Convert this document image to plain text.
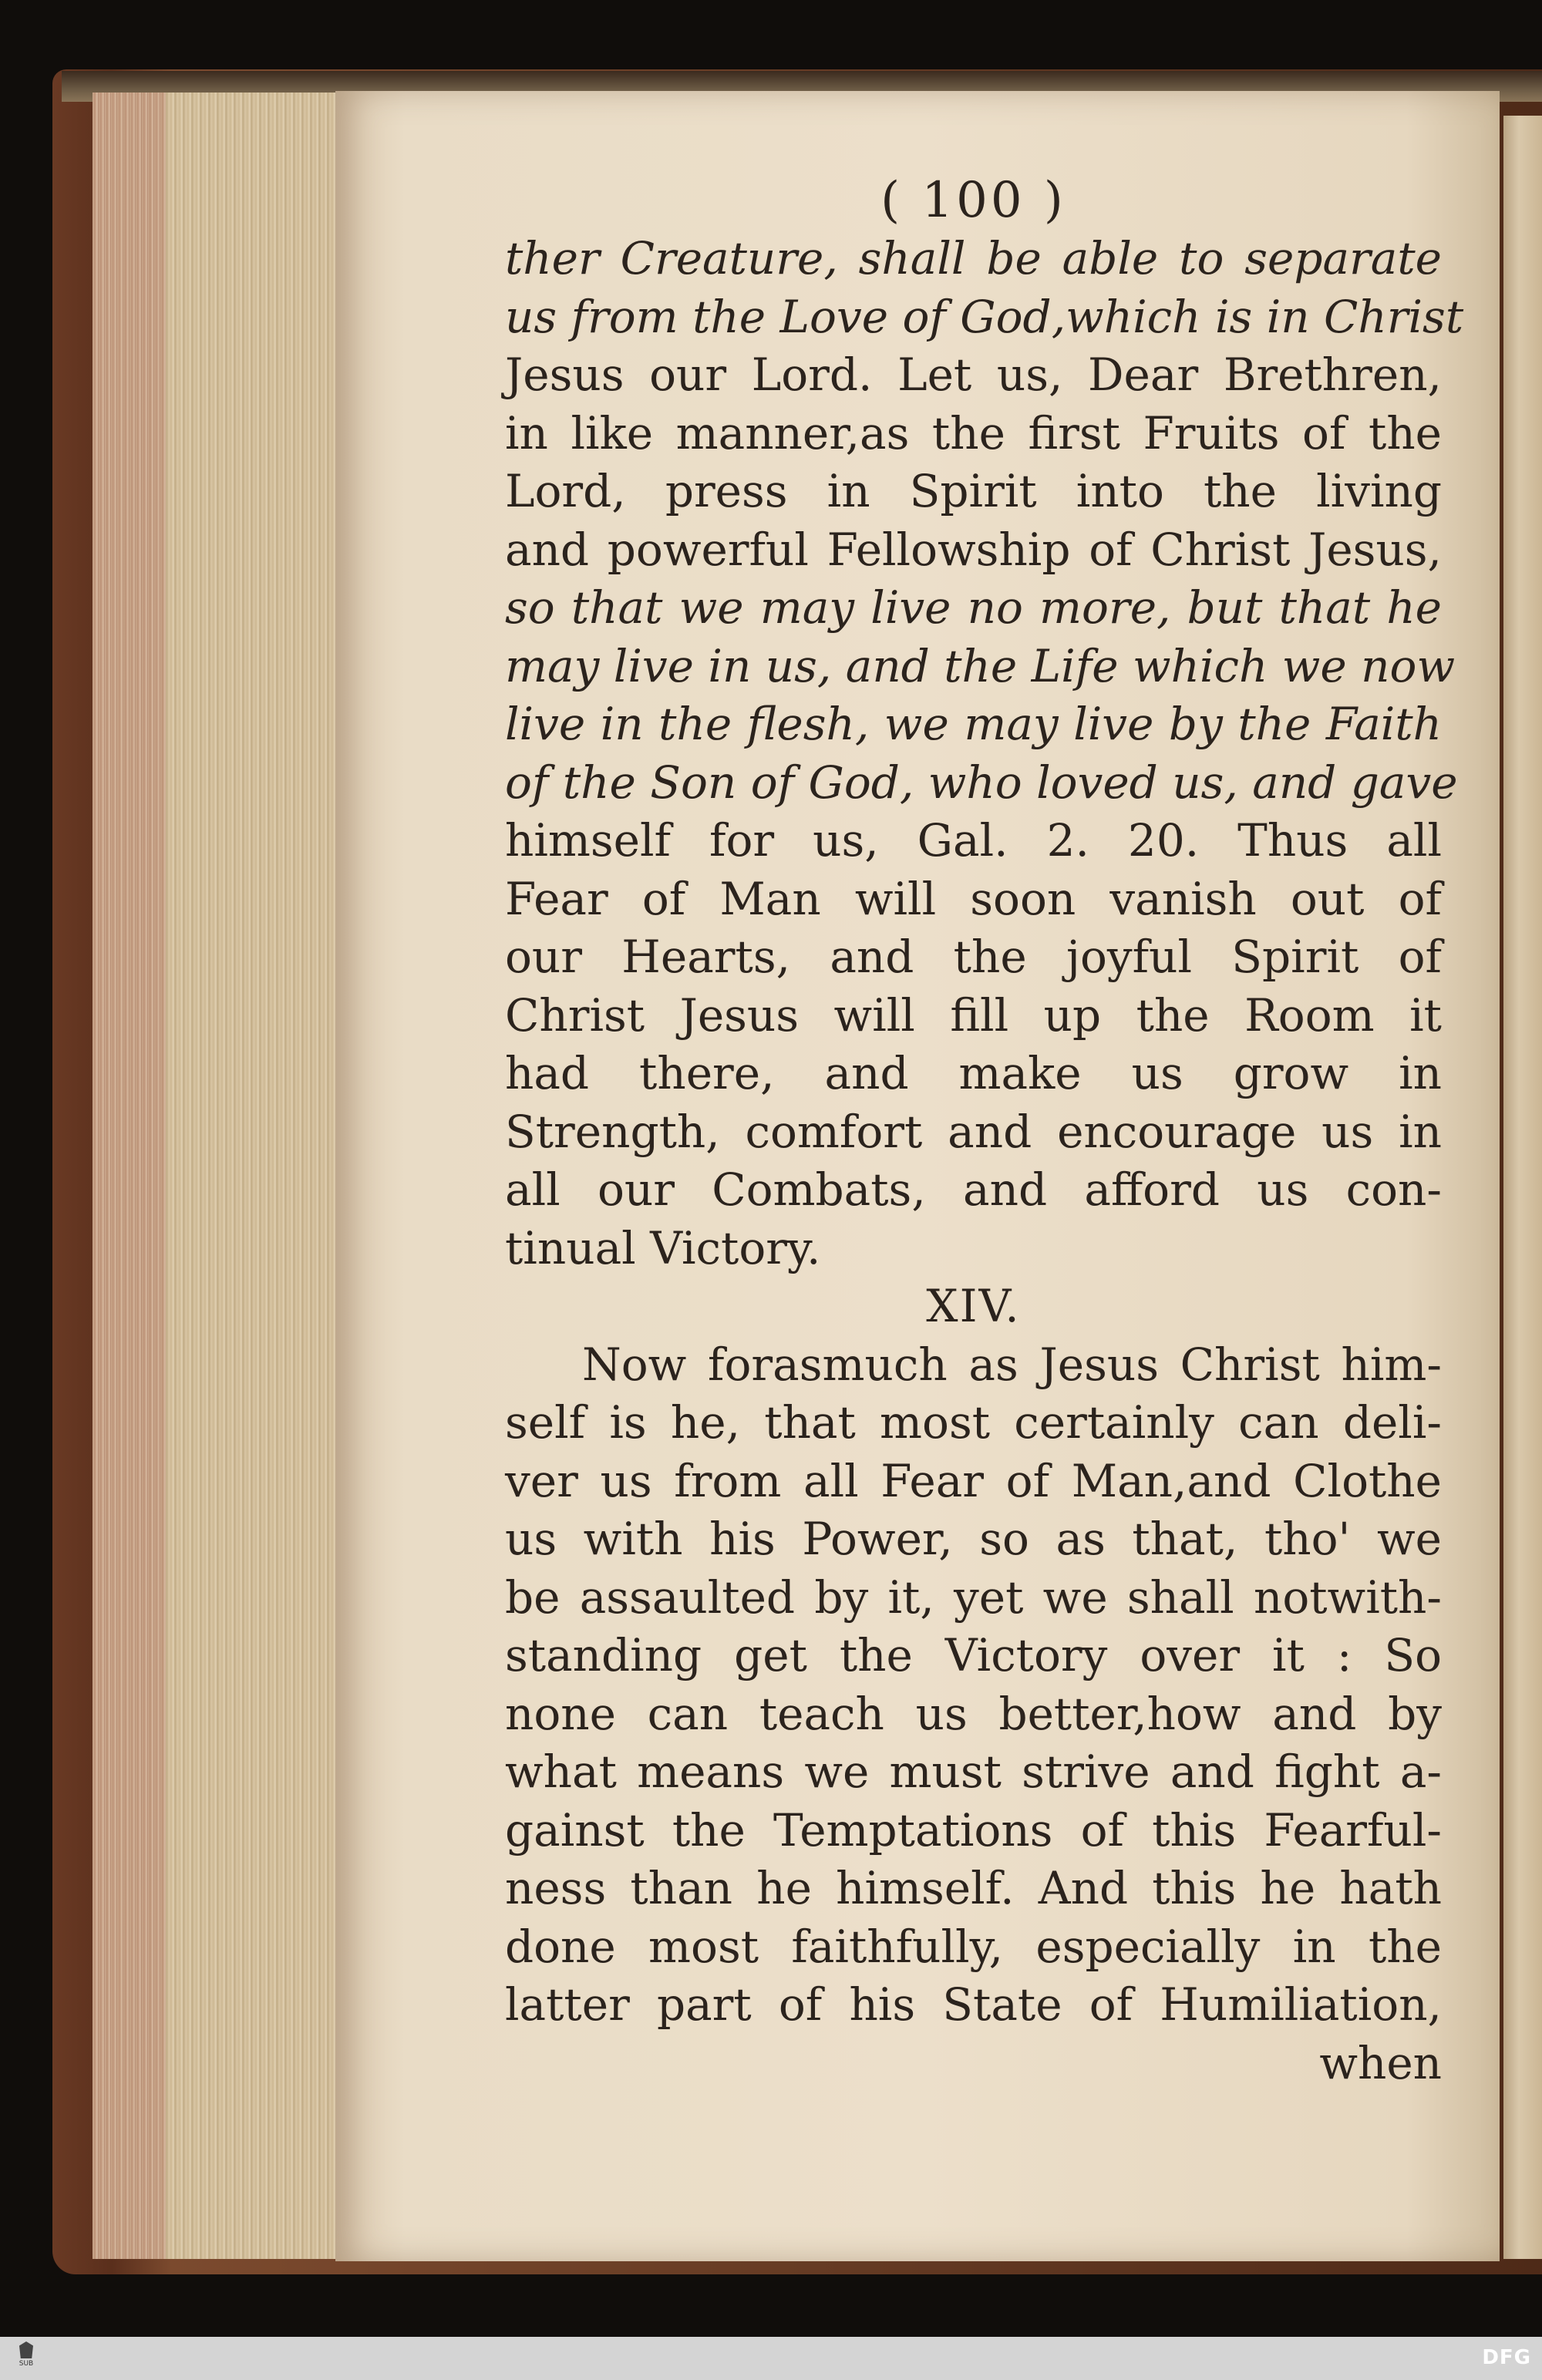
( 100 )
ther Creature, shall be able to separate
us from the Love of God,which is in Christ
Jesus our Lord. Let us, Dear Brethren,
in like manner,as the first Fruits of the
Lord, press in Spirit into the living
and powerful Fellowship of Christ Jesus,
so that we may live no more, but that he
may live in us, and the Life which we now
live in the flesh, we may live by the Faith
of the Son of God, who loved us, and gave
himself for us, Gal. 2. 20. Thus all
Fear of Man will soon vanish out of
our Hearts, and the joyful Spirit of
Christ Jesus will fill up the Room it
had there, and make us grow in
Strength, comfort and encourage us in
all our Combats, and afford us con-
tinual Victory.
XIV.
Now forasmuch as Jesus Christ him-
self is he, that most certainly can deli-
ver us from all Fear of Man,and Clothe
us with his Power, so as that, tho' we
be assaulted by it, yet we shall notwith-
standing get the Victory over it : So
none can teach us better,how and by
what means we must strive and fight a-
gainst the Temptations of this Fearful-
ness than he himself. And this he hath
done most faithfully, especially in the
latter part of his State of Humiliation,
when
SUB	DFG
